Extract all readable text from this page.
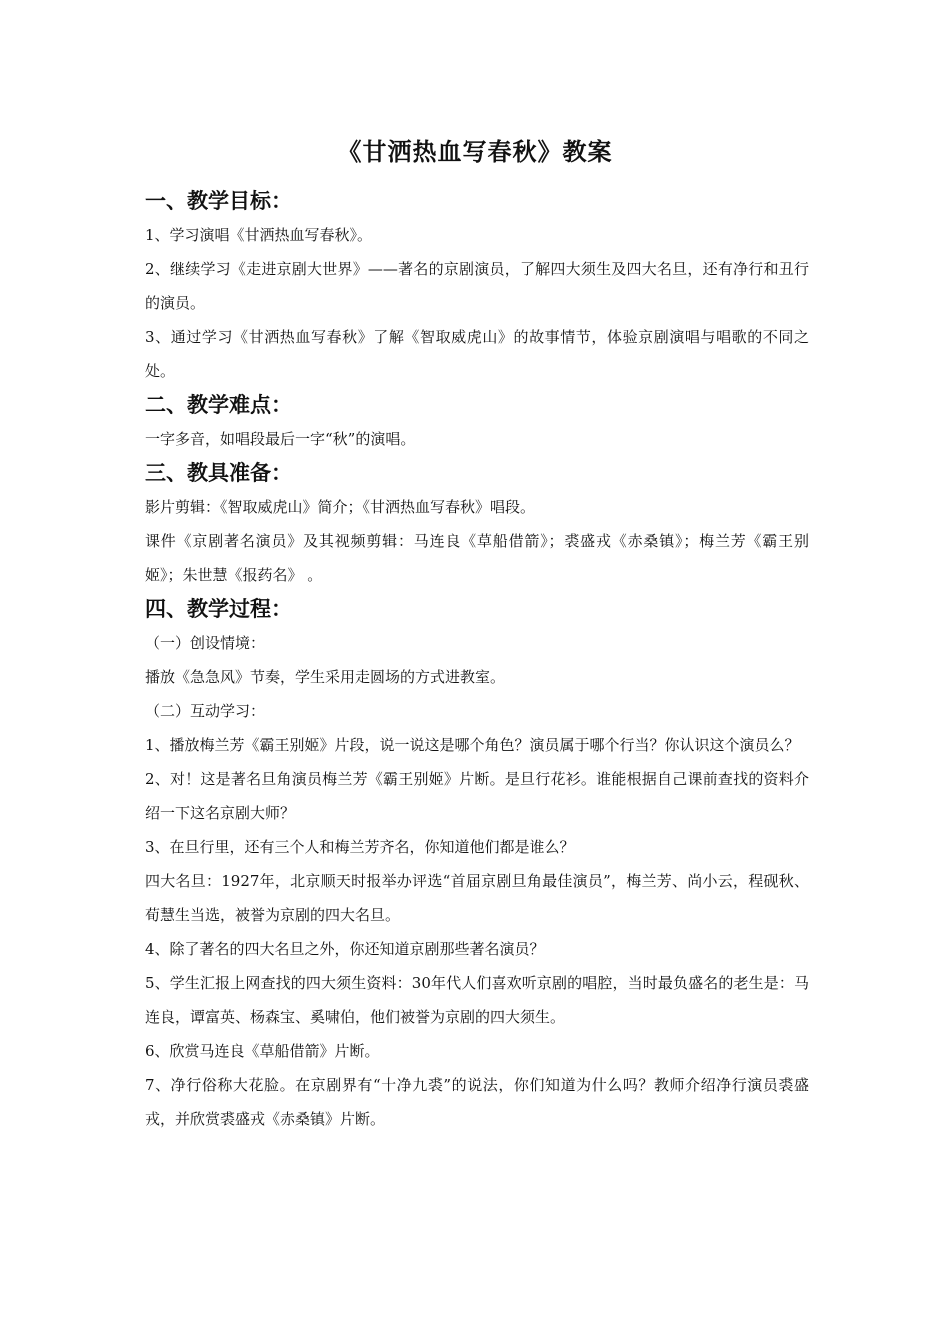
《甘洒热血写春秋》教案

一、教学目标：

1、学习演唱《甘洒热血写春秋》。

2、继续学习《走进京剧大世界》——著名的京剧演员，了解四大须生及四大名旦，还有净行和丑行的演员。

3、通过学习《甘洒热血写春秋》了解《智取威虎山》的故事情节，体验京剧演唱与唱歌的不同之处。

二、教学难点：

一字多音，如唱段最后一字“秋”的演唱。

三、教具准备：

影片剪辑：《智取威虎山》简介；《甘洒热血写春秋》唱段。

课件《京剧著名演员》及其视频剪辑：马连良《草船借箭》；裘盛戎《赤桑镇》；梅兰芳《霸王别姬》；朱世慧《报药名》 。

四、教学过程：

（一）创设情境：

播放《急急风》节奏，学生采用走圆场的方式进教室。

（二）互动学习：

1、播放梅兰芳《霸王别姬》片段，说一说这是哪个角色？演员属于哪个行当？你认识这个演员么？

2、对！这是著名旦角演员梅兰芳《霸王别姬》片断。是旦行花衫。谁能根据自己课前查找的资料介绍一下这名京剧大师？

3、在旦行里，还有三个人和梅兰芳齐名，你知道他们都是谁么？

四大名旦：1927年，北京顺天时报举办评选“首届京剧旦角最佳演员”，梅兰芳、尚小云，程砚秋、荀慧生当选，被誉为京剧的四大名旦。

4、除了著名的四大名旦之外，你还知道京剧那些著名演员？

5、学生汇报上网查找的四大须生资料：30年代人们喜欢听京剧的唱腔，当时最负盛名的老生是：马连良，谭富英、杨森宝、奚啸伯，他们被誉为京剧的四大须生。

6、欣赏马连良《草船借箭》片断。

7、净行俗称大花脸。在京剧界有“十净九裘”的说法，你们知道为什么吗？教师介绍净行演员裘盛戎，并欣赏裘盛戎《赤桑镇》片断。
